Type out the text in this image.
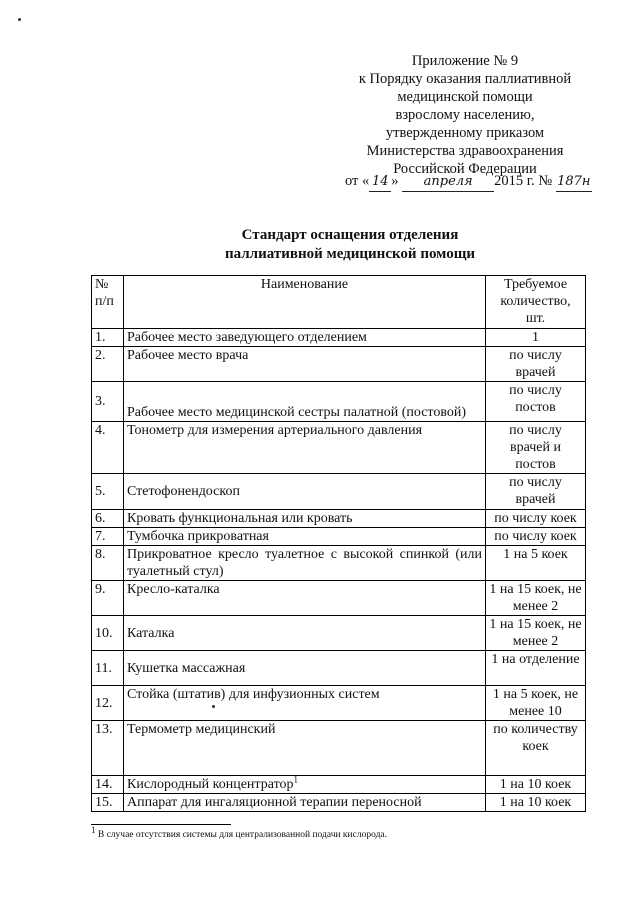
Приложение № 9
к Порядку оказания паллиативной
медицинской помощи
взрослому населению,
утвержденному приказом
Министерства здравоохранения
Российской Федерации
от « 14 » апреля 2015 г. № 187н
Стандарт оснащения отделения
паллиативной медицинской помощи
№ п/п	Наименование	Требуемое количество, шт.
1.	Рабочее место заведующего отделением	1
2.	Рабочее место врача	по числу врачей
3.	Рабочее место медицинской сестры палатной (постовой)	по числу постов
4.	Тонометр для измерения артериального давления	по числу врачей и постов
5.	Стетофонендоскоп	по числу врачей
6.	Кровать функциональная или кровать	по числу коек
7.	Тумбочка прикроватная	по числу коек
8.	Прикроватное кресло туалетное с высокой спинкой (или туалетный стул)	1 на 5 коек
9.	Кресло-каталка	1 на 15 коек, не менее 2
10.	Каталка	1 на 15 коек, не менее 2
11.	Кушетка массажная	1 на отделение
12.	Стойка (штатив) для инфузионных систем	1 на 5 коек, не менее 10
13.	Термометр медицинский	по количеству коек
14.	Кислородный концентратор$^1$	1 на 10 коек
15.	Аппарат для ингаляционной терапии переносной	1 на 10 коек
$^1$ В случае отсутствия системы для централизованной подачи кислорода.
